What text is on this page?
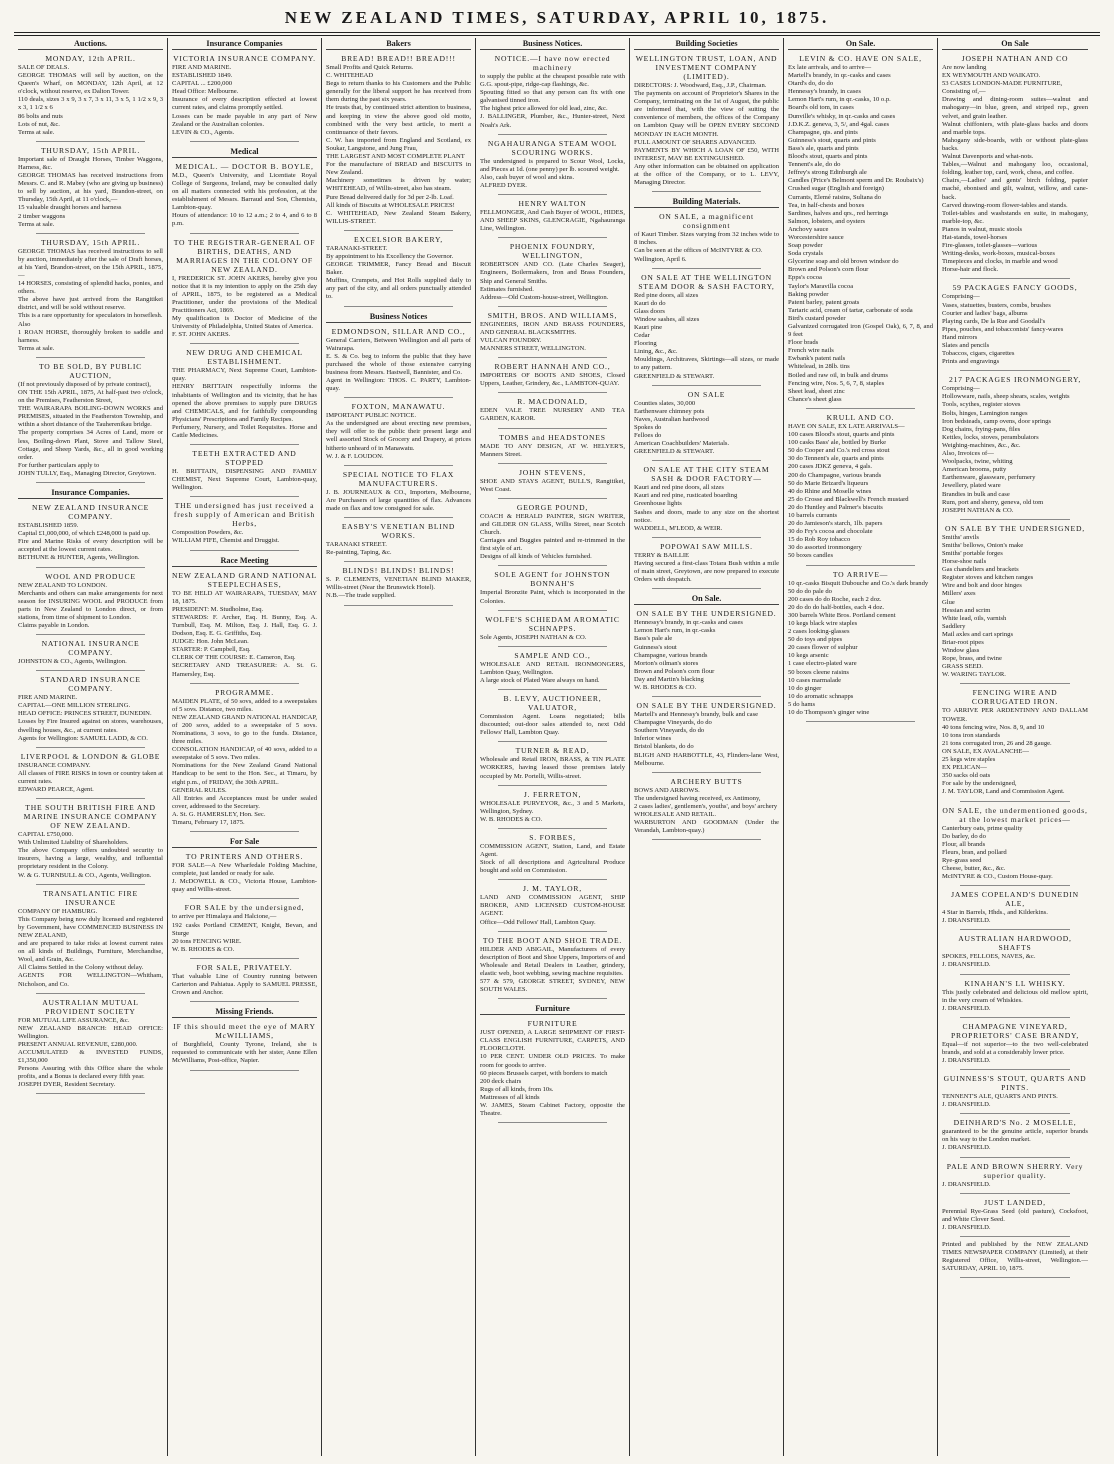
NEW ZEALAND TIMES, SATURDAY, APRIL 10, 1875.
Auctions.
MONDAY, 12th APRIL.
SALE OF DEALS.
GEORGE THOMAS will sell by auction, on the Queen's Wharf, on MONDAY, 12th April, at 12 o'clock, without reserve, ex Dalton Tower.
110 deals, sizes 3 x 9, 3 x 7, 3 x 11, 3 x 5, 1 1/2 x 9, 3 x 3, 1 1/2 x 6
86 bolts and nuts
Lots of nut, &c.
Terms at sale.
THURSDAY, 15th APRIL.
Important sale of Draught Horses, Timber Waggons, Harness, &c.
GEORGE THOMAS has received instructions from Messrs. C. and R. Mabey (who are giving up business) to sell by auction, at his yard, Brandon-street, on Thursday, 15th April, at 11 o'clock,—
15 valuable draught horses and harness
2 timber waggons
Terms at sale.
THURSDAY, 15th APRIL.
GEORGE THOMAS has received instructions to sell by auction, immediately after the sale of Draft horses, at his Yard, Brandon-street, on the 15th APRIL, 1875,—
14 HORSES, consisting of splendid hacks, ponies, and others.
The above have just arrived from the Rangitikei district, and will be sold without reserve.
This is a rare opportunity for speculators in horseflesh.
Also
1 ROAN HORSE, thoroughly broken to saddle and harness.
Terms at sale.
TO BE SOLD, BY PUBLIC AUCTION,
(If not previously disposed of by private contract),
ON THE 15th APRIL, 1875, At half-past two o'clock, on the Premises, Featherston Street,
THE WAIRARAPA BOILING-DOWN WORKS and PREMISES, situated in the Featherston Township, and within a short distance of the Tauherenikau bridge.
The property comprises 34 Acres of Land, more or less, Boiling-down Plant, Stove and Tallow Steel, Cottage, and Sheep Yards, &c., all in good working order.
For further particulars apply to
JOHN TULLY, Esq., Managing Director, Greytown.
Insurance Companies.
NEW ZEALAND INSURANCE COMPANY.
ESTABLISHED 1859.
Capital £1,000,000, of which £248,000 is paid up.
Fire and Marine Risks of every description will be accepted at the lowest current rates.
BETHUNE & HUNTER, Agents, Wellington.
WOOL AND PRODUCE
NEW ZEALAND TO LONDON.
Merchants and others can make arrangements for next season for INSURING WOOL and PRODUCE from parts in New Zealand to London direct, or from stations, from time of shipment to London.
Claims payable in London.
NATIONAL INSURANCE COMPANY.
JOHNSTON & CO., Agents, Wellington.
STANDARD INSURANCE COMPANY.
FIRE AND MARINE.
CAPITAL—ONE MILLION STERLING.
HEAD OFFICE: PRINCES STREET, DUNEDIN.
Losses by Fire Insured against on stores, warehouses, dwelling houses, &c., at current rates.
Agents for Wellington: SAMUEL LADD, & CO.
LIVERPOOL & LONDON & GLOBE
INSURANCE COMPANY.
All classes of FIRE RISKS in town or country taken at current rates.
EDWARD PEARCE, Agent.
THE SOUTH BRITISH FIRE AND MARINE INSURANCE COMPANY OF NEW ZEALAND.
CAPITAL £750,000.
With Unlimited Liability of Shareholders.
The above Company offers undoubted security to insurers, having a large, wealthy, and influential proprietary resident in the Colony.
W. & G. TURNBULL & CO., Agents, Wellington.
TRANSATLANTIC FIRE INSURANCE
COMPANY OF HAMBURG.
This Company being now duly licensed and registered by Government, have COMMENCED BUSINESS IN NEW ZEALAND,
and are prepared to take risks at lowest current rates on all kinds of Buildings, Furniture, Merchandise, Wool, and Grain, &c.
All Claims Settled in the Colony without delay.
AGENTS FOR WELLINGTON—Whitham, Nicholson, and Co.
AUSTRALIAN MUTUAL PROVIDENT SOCIETY
FOR MUTUAL LIFE ASSURANCE, &c.
NEW ZEALAND BRANCH: HEAD OFFICE: Wellington.
PRESENT ANNUAL REVENUE, £280,000.
ACCUMULATED & INVESTED FUNDS, £1,350,000
Persons Assuring with this Office share the whole profits, and a Bonus is declared every fifth year.
JOSEPH DYER, Resident Secretary.
Insurance Companies
VICTORIA INSURANCE COMPANY.
FIRE AND MARINE.
ESTABLISHED 1849.
CAPITAL ... £200,000
Head Office: Melbourne.
Insurance of every description effected at lowest current rates, and claims promptly settled.
Losses can be made payable in any part of New Zealand or the Australian colonies.
LEVIN & CO., Agents.
Medical
MEDICAL. — DOCTOR B. BOYLE,
M.D., Queen's University, and Licentiate Royal College of Surgeons, Ireland, may be consulted daily on all matters connected with his profession, at the establishment of Messrs. Barraud and Son, Chemists, Lambton-quay.
Hours of attendance: 10 to 12 a.m.; 2 to 4, and 6 to 8 p.m.
TO THE REGISTRAR-GENERAL OF BIRTHS, DEATHS, AND MARRIAGES IN THE COLONY OF NEW ZEALAND.
I, FREDERICK ST. JOHN AKERS, hereby give you notice that it is my intention to apply on the 25th day of APRIL, 1875, to be registered as a Medical Practitioner, under the provisions of the Medical Practitioners Act, 1869.
My qualification is Doctor of Medicine of the University of Philadelphia, United States of America.
F. ST. JOHN AKERS.
NEW DRUG AND CHEMICAL ESTABLISHMENT.
THE PHARMACY, Next Supreme Court, Lambton-quay.
HENRY BRITTAIN respectfully informs the inhabitants of Wellington and its vicinity, that he has opened the above premises to supply pure DRUGS and CHEMICALS, and for faithfully compounding Physicians' Prescriptions and Family Recipes.
Perfumery, Nursery, and Toilet Requisites. Horse and Cattle Medicines.
TEETH EXTRACTED AND STOPPED
H. BRITTAIN, DISPENSING AND FAMILY CHEMIST, Next Supreme Court, Lambton-quay, Wellington.
THE undersigned has just received a fresh supply of American and British Herbs,
Composition Powders, &c.
WILLIAM FIFE, Chemist and Druggist.
Race Meeting
NEW ZEALAND GRAND NATIONAL STEEPLECHASES,
TO BE HELD AT WAIRARAPA, TUESDAY, MAY 18, 1875.
PRESIDENT: M. Studholme, Esq.
STEWARDS: F. Archer, Esq. H. Bunny, Esq. A. Turnbull, Esq. M. Milton, Esq. J. Hall, Esq. G. J. Dodson, Esq. E. G. Griffiths, Esq.
JUDGE: Hon. John McLean.
STARTER: P. Campbell, Esq.
CLERK OF THE COURSE: E. Cameron, Esq.
SECRETARY AND TREASURER: A. St. G. Hamersley, Esq.
PROGRAMME.
MAIDEN PLATE, of 50 sovs, added to a sweepstakes of 5 sovs. Distance, two miles.
NEW ZEALAND GRAND NATIONAL HANDICAP, of 200 sovs, added to a sweepstake of 5 sovs. Nominations, 3 sovs, to go to the funds. Distance, three miles.
CONSOLATION HANDICAP, of 40 sovs, added to a sweepstake of 5 sovs. Two miles.
Nominations for the New Zealand Grand National Handicap to be sent to the Hon. Sec., at Timaru, by eight p.m., of FRIDAY, the 30th APRIL.
GENERAL RULES.
All Entries and Acceptances must be under sealed cover, addressed to the Secretary.
A. St. G. HAMERSLEY, Hon. Sec.
Timaru, February 17, 1875.
For Sale
TO PRINTERS AND OTHERS.
FOR SALE—A New Wharfedale Folding Machine, complete, just landed or ready for sale.
J. McDOWELL & CO., Victoria House, Lambton-quay and Willis-street.
FOR SALE by the undersigned,
to arrive per Himalaya and Halcione,—
192 casks Portland CEMENT, Knight, Bevan, and Sturge
20 tons FENCING WIRE.
W. B. RHODES & CO.
FOR SALE, PRIVATELY.
That valuable Line of Country running between Carterton and Pahiatua. Apply to SAMUEL PRESSE, Crown and Anchor.
Missing Friends.
IF this should meet the eye of MARY McWILLIAMS,
of Burghfield, County Tyrone, Ireland, she is requested to communicate with her sister, Anne Ellen McWilliams, Post-office, Napier.
Bakers
BREAD! BREAD!! BREAD!!!
Small Profits and Quick Returns.
C. WHITEHEAD
Begs to return thanks to his Customers and the Public generally for the liberal support he has received from them during the past six years.
He trusts that, by continued strict attention to business, and keeping in view the above good old motto, combined with the very best article, to merit a continuance of their favors.
C. W. has imported from England and Scotland, ex Soukar, Langstone, and Jung Frau,
THE LARGEST AND MOST COMPLETE PLANT
For the manufacture of BREAD and BISCUITS in New Zealand.
Machinery sometimes is driven by water; WHITEHEAD, of Willis-street, also has steam.
Pure Bread delivered daily for 3d per 2-lb. Loaf.
All kinds of Biscuits at WHOLESALE PRICES!
C. WHITEHEAD, New Zealand Steam Bakery, WILLIS-STREET.
EXCELSIOR BAKERY,
TARANAKI-STREET.
By appointment to his Excellency the Governor.
GEORGE TRIMMER, Fancy Bread and Biscuit Baker.
Muffins, Crumpets, and Hot Rolls supplied daily to any part of the city, and all orders punctually attended to.
Business Notices
EDMONDSON, SILLAR AND CO.,
General Carriers, Between Wellington and all parts of Wairarapa.
E. S. & Co. beg to inform the public that they have purchased the whole of those extensive carrying business from Messrs. Hastwell, Bannister, and Co.
Agent in Wellington: THOS. C. PARTY, Lambton-quay.
FOXTON, MANAWATU.
IMPORTANT PUBLIC NOTICE.
As the undersigned are about erecting new premises, they will offer to the public their present large and well assorted Stock of Grocery and Drapery, at prices hitherto unheard of in Manawatu.
W. J. & F. LOUDON.
SPECIAL NOTICE TO FLAX MANUFACTURERS.
J. B. JOURNEAUX & CO., Importers, Melbourne, Are Purchasers of large quantities of flax. Advances made on flax and tow consigned for sale.
EASBY'S VENETIAN BLIND WORKS.
TARANAKI STREET.
Re-painting, Taping, &c.
BLINDS! BLINDS! BLINDS!
S. P. CLEMENTS, VENETIAN BLIND MAKER, Willis-street (Near the Brunswick Hotel).
N.B.—The trade supplied.
Business Notices.
NOTICE.—I have now erected machinery
to supply the public at the cheapest possible rate with G.G. spout-pipe, ridge-cap flashings, &c.
Spouting fitted so that any person can fix with one galvanised tinned iron.
The highest price allowed for old lead, zinc, &c.
J. BALLINGER, Plumber, &c., Hunter-street, Next Noah's Ark.
NGAHAURANGA STEAM WOOL SCOURING WORKS.
The undersigned is prepared to Scour Wool, Locks, and Pieces at 1d. (one penny) per lb. scoured weight.
Also, cash buyer of wool and skins.
ALFRED DYER.
HENRY WALTON
FELLMONGER, And Cash Buyer of WOOL, HIDES, AND SHEEP SKINS, GLENCRAGIE, Ngahauranga Line, Wellington.
PHOENIX FOUNDRY, WELLINGTON,
ROBERTSON AND CO. (Late Charles Seager), Engineers, Boilermakers, Iron and Brass Founders, Ship and General Smiths.
Estimates furnished.
Address—Old Custom-house-street, Wellington.
SMITH, BROS. AND WILLIAMS,
ENGINEERS, IRON AND BRASS FOUNDERS, AND GENERAL BLACKSMITHS.
VULCAN FOUNDRY.
MANNERS STREET, WELLINGTON.
ROBERT HANNAH AND CO.,
IMPORTERS OF BOOTS AND SHOES, Closed Uppers, Leather, Grindery, &c., LAMBTON-QUAY.
R. MACDONALD,
EDEN VALE TREE NURSERY AND TEA GARDEN, KAROR.
TOMBS and HEADSTONES
MADE TO ANY DESIGN, AT W. HELYER'S, Manners Street.
JOHN STEVENS,
SHOE AND STAYS AGENT, BULL'S, Rangitikei, West Coast.
GEORGE POUND,
COACH & HERALD PAINTER, SIGN WRITER, and GILDER ON GLASS, Willis Street, near Scotch Church.
Carriages and Buggies painted and re-trimmed in the first style of art.
Designs of all kinds of Vehicles furnished.
SOLE AGENT for JOHNSTON BONNAH'S
Imperial Bronzite Paint, which is incorporated in the Colonies.
WOLFE'S SCHIEDAM AROMATIC SCHNAPPS.
Sole Agents, JOSEPH NATHAN & CO.
SAMPLE AND CO.,
WHOLESALE AND RETAIL IRONMONGERS, Lambton Quay, Wellington.
A large stock of Plated Ware always on hand.
B. LEVY, AUCTIONEER, VALUATOR,
Commission Agent. Loans negotiated; bills discounted; out-door sales attended to, next Odd Fellows' Hall, Lambton Quay.
TURNER & READ,
Wholesale and Retail IRON, BRASS, & TIN PLATE WORKERS, having leased those premises lately occupied by Mr. Portelli, Willis-street.
J. FERRETON,
WHOLESALE PURVEYOR, &c., 3 and 5 Markets, Wellington, Sydney.
W. B. RHODES & CO.
S. FORBES,
COMMISSION AGENT, Station, Land, and Estate Agent.
Stock of all descriptions and Agricultural Produce bought and sold on Commission.
J. M. TAYLOR,
LAND AND COMMISSION AGENT, SHIP BROKER, AND LICENSED CUSTOM-HOUSE AGENT.
Office—Odd Fellows' Hall, Lambton Quay.
TO THE BOOT AND SHOE TRADE.
HILDER AND ABIGAIL, Manufacturers of every description of Boot and Shoe Uppers, Importers of and Wholesale and Retail Dealers in Leather, grindery, elastic web, boot webbing, sewing machine requisites.
577 & 579, GEORGE STREET, SYDNEY, NEW SOUTH WALES.
Furniture
FURNITURE
JUST OPENED, A LARGE SHIPMENT OF FIRST-CLASS ENGLISH FURNITURE, CARPETS, AND FLOORCLOTH.
10 PER CENT. UNDER OLD PRICES. To make room for goods to arrive.
60 pieces Brussels carpet, with borders to match
200 deck chairs
Rugs of all kinds, from 10s.
Mattresses of all kinds
W. JAMES, Steam Cabinet Factory, opposite the Theatre.
Building Societies
WELLINGTON TRUST, LOAN, AND INVESTMENT COMPANY (LIMITED).
DIRECTORS: J. Woodward, Esq., J.P., Chairman.
The payments on account of Proprietor's Shares in the Company, terminating on the 1st of August, the public are informed that, with the view of suiting the convenience of members, the offices of the Company on Lambton Quay will be OPEN EVERY SECOND MONDAY IN EACH MONTH.
FULL AMOUNT OF SHARES ADVANCED.
PAYMENTS BY WHICH A LOAN OF £50, WITH INTEREST, MAY BE EXTINGUISHED.
Any other information can be obtained on application at the office of the Company, or to L. LEVY, Managing Director.
Building Materials.
ON SALE, a magnificent consignment
of Kauri Timber. Sizes varying from 32 inches wide to 8 inches.
Can be seen at the offices of McINTYRE & CO.
Wellington, April 6.
ON SALE AT THE WELLINGTON STEAM DOOR & SASH FACTORY,
Red pine doors, all sizes
Kauri do do
Glass doors
Window sashes, all sizes
Kauri pine
Cedar
Flooring
Lining, &c., &c.
Mouldings, Architraves, Skirtings—all sizes, or made to any pattern.
GREENFIELD & STEWART.
ON SALE
Counties slates, 30,000
Earthenware chimney pots
Naves, Australian hardwood
Spokes do
Felloes do
American Coachbuilders' Materials.
GREENFIELD & STEWART.
ON SALE AT THE CITY STEAM SASH & DOOR FACTORY—
Kauri and red pine doors, all sizes
Kauri and red pine, rusticated boarding
Greenhouse lights
Sashes and doors, made to any size on the shortest notice.
WADDELL, M'LEOD, & WEIR.
POPOWAI SAW MILLS.
TERRY & BAILLIE
Having secured a first-class Totara Bush within a mile of main street, Greytown, are now prepared to execute Orders with despatch.
On Sale.
ON SALE BY THE UNDERSIGNED.
Hennessy's brandy, in qr.-casks and cases
Lemon Hart's rum, in qr.-casks
Bass's pale ale
Guinness's stout
Champagne, various brands
Morton's oilman's stores
Brown and Polson's corn flour
Day and Martin's blacking
W. B. RHODES & CO.
ON SALE BY THE UNDERSIGNED.
Martell's and Hennessy's brandy, bulk and case
Champagne Vineyards, do do
Southern Vineyards, do do
Inferior wines
Bristol blankets, do do
BLIGH AND HARBOTTLE, 43, Flinders-lane West, Melbourne.
ARCHERY BUTTS
BOWS AND ARROWS.
The undersigned having received, ex Antimony,
2 cases ladies', gentlemen's, youths', and boys' archery
WHOLESALE AND RETAIL.
WARBURTON AND GOODMAN (Under the Verandah, Lambton-quay.)
On Sale.
LEVIN & CO. HAVE ON SALE,
Ex late arrivals, and to arrive—
Martell's brandy, in qr.-casks and cases
Otard's do, do do
Hennessy's brandy, in cases
Lemon Hart's rum, in qr.-casks, 10 o.p.
Board's old tom, in cases
Dunville's whisky, in qr.-casks and cases
J.D.K.Z. geneva, 3, 5/, and 4gal. cases
Champagne, qts. and pints
Guinness's stout, quarts and pints
Bass's ale, quarts and pints
Blood's stout, quarts and pints
Tennent's ale, do do
Jeffrey's strong Edinburgh ale
Candles (Price's Belmont sperm and Dr. Roubaix's)
Crushed sugar (English and foreign)
Currants, Elemé raisins, Sultana do
Tea, in half-chests and boxes
Sardines, halves and qrs., red herrings
Salmon, lobsters, and oysters
Anchovy sauce
Worcestershire sauce
Soap powder
Soda crystals
Glycerine soap and old brown windsor do
Brown and Polson's corn flour
Epps's cocoa
Taylor's Maravilla cocoa
Baking powder
Patent barley, patent groats
Tartaric acid, cream of tartar, carbonate of soda
Bird's custard powder
Galvanized corrugated iron (Gospel Oak), 6, 7, 8, and 9 feet
Floor brads
French wire nails
Ewbank's patent nails
Whitelead, in 28lb. tins
Boiled and raw oil, in bulk and drums
Fencing wire, Nos. 5, 6, 7, 8, staples
Sheet lead, sheet zinc
Chance's sheet glass
KRULL AND CO.
HAVE ON SALE, EX LATE ARRIVALS—
100 cases Blood's stout, quarts and pints
100 casks Bass' ale, bottled by Burke
50 do Cooper and Co.'s red cross stout
30 do Tennent's ale, quarts and pints
200 cases JDKZ geneva, 4 gals.
200 do Champagne, various brands
50 do Marie Brizard's liqueurs
40 do Rhine and Moselle wines
25 do Crosse and Blackwell's French mustard
20 do Huntley and Palmer's biscuits
10 barrels currants
20 do Jamieson's starch, 1lb. papers
30 do Fry's cocoa and chocolate
15 do Rob Roy tobacco
30 do assorted ironmongery
50 boxes candles
TO ARRIVE—
10 qr.-casks Bisquit Dubouche and Co.'s dark brandy
50 do do pale do
200 cases do do Roche, each 2 doz.
20 do do do half-bottles, each 4 doz.
300 barrels White Bros. Portland cement
10 kegs black wire staples
2 cases looking-glasses
50 do toys and pipes
20 cases flower of sulphur
10 kegs arsenic
1 case electro-plated ware
50 boxes cleene raisins
10 cases marmalade
10 do ginger
10 do aromatic schnapps
5 do hams
10 do Thompson's ginger wine
On Sale
JOSEPH NATHAN AND CO
Are now landing
EX WEYMOUTH AND WAIKATO.
53 CASES LONDON-MADE FURNITURE,
Consisting of,—
Drawing and dining-room suites—walnut and mahogany—in blue, green, and striped rep., green velvet, and grain leather.
Walnut chiffoniers, with plate-glass backs and doors and marble tops.
Mahogany side-boards, with or without plate-glass backs.
Walnut Davenports and what-nots.
Tables,—Walnut and mahogany loo, occasional, folding, leather top, card, work, chess, and coffee.
Chairs,—Ladies' and gents' birch folding, papier maché, ebonised and gilt, walnut, willow, and cane-back.
Carved drawing-room flower-tables and stands.
Toilet-tables and washstands en suite, in mahogany, marble-top, &c.
Pianos in walnut, music stools
Hat-stands, towel-horses
Fire-glasses, toilet-glasses—various
Writing-desks, work-boxes, musical-boxes
Timepieces and clocks, in marble and wood
Horse-hair and flock.
59 PACKAGES FANCY GOODS,
Comprising—
Vases, statuettes, busters, combs, brushes
Courier and ladies' bags, albums
Playing cards, De la Rue and Goodall's
Pipes, pouches, and tobacconists' fancy-wares
Hand mirrors
Slates and pencils
Tobaccos, cigars, cigarettes
Prints and engravings
217 PACKAGES IRONMONGERY,
Comprising—
Hollowware, nails, sheep shears, scales, weights
Tools, scythes, register stoves
Bolts, hinges, Lamington ranges
Iron bedsteads, camp ovens, door springs
Dog chains, frying-pans, files
Kettles, locks, stoves, perambulators
Weighing-machines, &c., &c.
Also, Invoices of—
Woolpacks, twine, whiting
American brooms, putty
Earthenware, glassware, perfumery
Jewellery, plated ware
Brandies in bulk and case
Rum, port and sherry, geneva, old tom
JOSEPH NATHAN & CO.
ON SALE BY THE UNDERSIGNED,
Smiths' anvils
Smiths' bellows, Onion's make
Smiths' portable forges
Horse-shoe nails
Gas chandeliers and brackets
Register stoves and kitchen ranges
Wire and bolt and door hinges
Millers' axes
Glue
Hessian and scrim
White lead, oils, varnish
Saddlery
Mail axles and cart springs
Briar-root pipes
Window glass
Rope, brass, and twine
GRASS SEED.
W. WARING TAYLOR.
FENCING WIRE AND CORRUGATED IRON.
TO ARRIVE PER ARDENTINNY AND DALLAM TOWER.
40 tons fencing wire, Nos. 8, 9, and 10
10 tons iron standards
21 tons corrugated iron, 26 and 28 gauge.
ON SALE, EX AVALANCHE—
25 kegs wire staples
EX PELICAN—
350 sacks old oats
For sale by the undersigned,
J. M. TAYLOR, Land and Commission Agent.
ON SALE, the undermentioned goods, at the lowest market prices—
Canterbury oats, prime quality
Do barley, do do
Flour, all brands
Fleurs, bran, and pollard
Rye-grass seed
Cheese, butter, &c., &c.
McINTYRE & CO., Custom House-quay.
JAMES COPELAND'S DUNEDIN ALE,
4 Star in Barrels, Hhds., and Kilderkins.
J. DRANSFIELD.
AUSTRALIAN HARDWOOD, SHAFTS
SPOKES, FELLOES, NAVES, &c.
J. DRANSFIELD.
KINAHAN'S LL WHISKY.
This justly celebrated and delicious old mellow spirit, in the very cream of Whiskies.
J. DRANSFIELD.
CHAMPAGNE VINEYARD, PROPRIETORS' CASE BRANDY,
Equal—if not superior—to the two well-celebrated brands, and sold at a considerably lower price.
J. DRANSFIELD.
GUINNESS'S STOUT, QUARTS AND PINTS.
TENNENT'S ALE, QUARTS AND PINTS.
J. DRANSFIELD.
DEINHARD'S No. 2 MOSELLE,
guaranteed to be the genuine article, superior brands on his way to the London market.
J. DRANSFIELD.
PALE AND BROWN SHERRY. Very superior quality.
J. DRANSFIELD.
JUST LANDED,
Perennial Rye-Grass Seed (old pasture), Cocksfoot, and White Clover Seed.
J. DRANSFIELD.
Printed and published by the NEW ZEALAND TIMES NEWSPAPER COMPANY (Limited), at their Registered Office, Willis-street, Wellington.—SATURDAY, APRIL 10, 1875.
